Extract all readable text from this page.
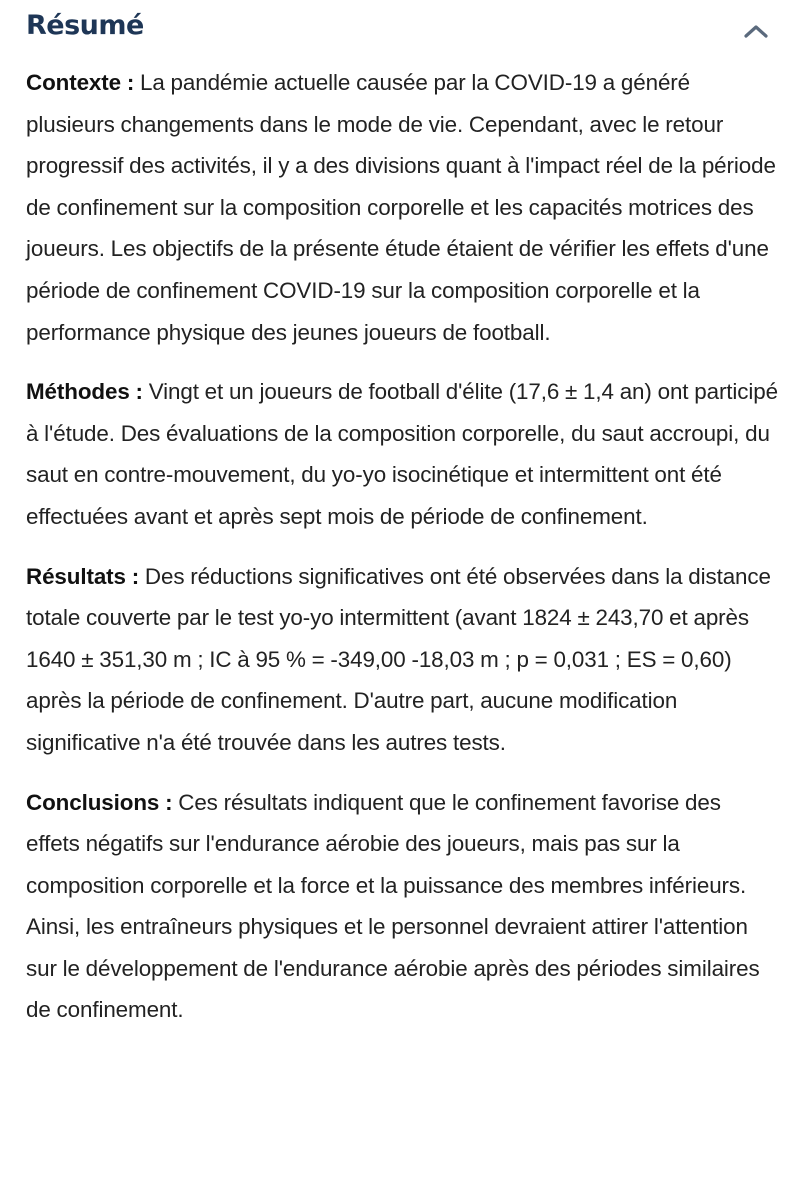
Résumé

Contexte : La pandémie actuelle causée par la COVID-19 a généré plusieurs changements dans le mode de vie. Cependant, avec le retour progressif des activités, il y a des divisions quant à l'impact réel de la période de confinement sur la composition corporelle et les capacités motrices des joueurs. Les objectifs de la présente étude étaient de vérifier les effets d'une période de confinement COVID-19 sur la composition corporelle et la performance physique des jeunes joueurs de football.

Méthodes : Vingt et un joueurs de football d'élite (17,6 ± 1,4 an) ont participé à l'étude. Des évaluations de la composition corporelle, du saut accroupi, du saut en contre-mouvement, du yo-yo isocinétique et intermittent ont été effectuées avant et après sept mois de période de confinement.

Résultats : Des réductions significatives ont été observées dans la distance totale couverte par le test yo-yo intermittent (avant 1824 ± 243,70 et après 1640 ± 351,30 m ; IC à 95 % = -349,00 -18,03 m ; p = 0,031 ; ES = 0,60) après la période de confinement. D'autre part, aucune modification significative n'a été trouvée dans les autres tests.

Conclusions : Ces résultats indiquent que le confinement favorise des effets négatifs sur l'endurance aérobie des joueurs, mais pas sur la composition corporelle et la force et la puissance des membres inférieurs. Ainsi, les entraîneurs physiques et le personnel devraient attirer l'attention sur le développement de l'endurance aérobie après des périodes similaires de confinement.
